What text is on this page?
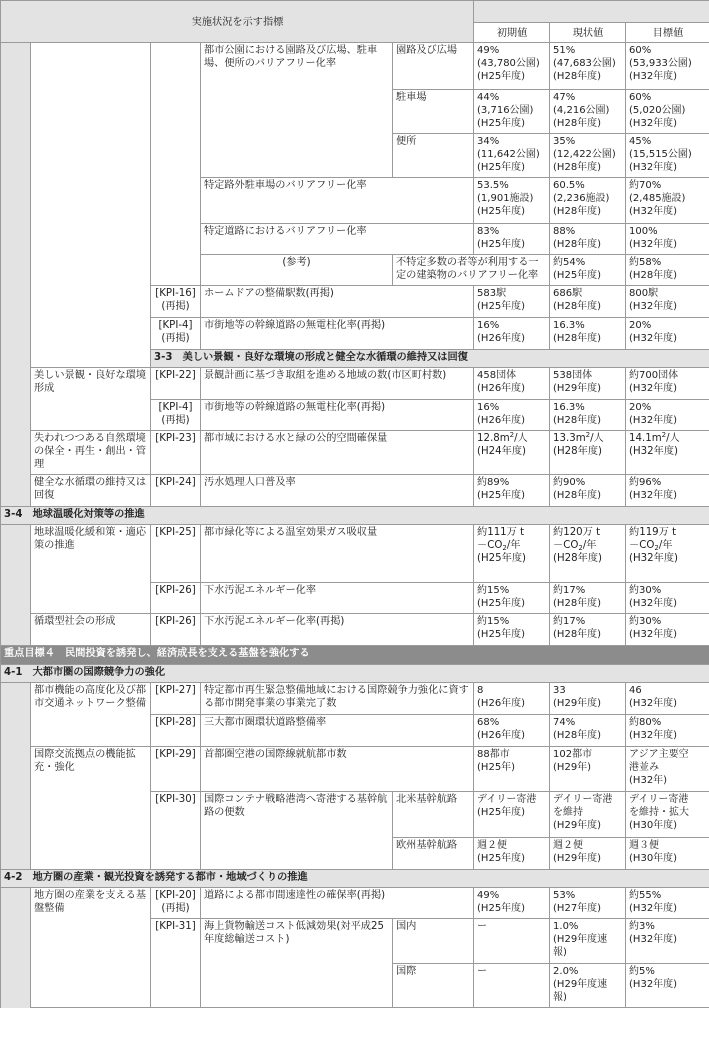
実施状況を示す指標								
					初期値	現状値	目標値	
			都市公園における園路及び広場、駐車場、便所のバリアフリー化率	園路及び広場	49%
(43,780公園)
(H25年度)	51%
(47,683公園)
(H28年度)	60%
(53,933公園)
(H32年度)	
				駐車場	44%
(3,716公園)
(H25年度)	47%
(4,216公園)
(H28年度)	60%
(5,020公園)
(H32年度)	
				便所	34%
(11,642公園)
(H25年度)	35%
(12,422公園)
(H28年度)	45%
(15,515公園)
(H32年度)	
			特定路外駐車場のバリアフリー化率		53.5%
(1,901施設)
(H25年度)	60.5%
(2,236施設)
(H28年度)	約70%
(2,485施設)
(H32年度)	
			特定道路におけるバリアフリー化率		83%
(H25年度)	88%
(H28年度)	100%
(H32年度)	
			(参考)	不特定多数の者等が利用する一定の建築物のバリアフリー化率		約54%
(H25年度)	約58%
(H28年度)	
		[KPI-16]
(再掲)	ホームドアの整備駅数(再掲)		583駅
(H25年度)	686駅
(H28年度)	800駅
(H32年度)	
		[KPI-4]
(再掲)	市街地等の幹線道路の無電柱化率(再掲)		16%
(H26年度)	16.3%
(H28年度)	20%
(H32年度)	
		3-3　美しい景観・良好な環境の形成と健全な水循環の維持又は回復						
	美しい景観・良好な環境形成	[KPI-22]	景観計画に基づき取組を進める地域の数(市区町村数)		458団体
(H26年度)	538団体
(H29年度)	約700団体
(H32年度)	
		[KPI-4]
(再掲)	市街地等の幹線道路の無電柱化率(再掲)		16%
(H26年度)	16.3%
(H28年度)	20%
(H32年度)	
	失われつつある自然環境の保全・再生・創出・管理	[KPI-23]	都市域における水と緑の公的空間確保量		$12.8m^2/$人
(H24年度)	$13.3m^2/$人
(H28年度)	$14.1m^2/$人
(H32年度)	
	健全な水循環の維持又は回復	[KPI-24]	汚水処理人口普及率		約89%
(H25年度)	約90%
(H28年度)	約96%
(H32年度)	
3-4　地球温暖化対策等の推進								
	地球温暖化緩和策・適応策の推進	[KPI-25]	都市緑化等による温室効果ガス吸収量		約111万 t
$-CO_2/$年
(H25年度)	約120万 t
$-CO_2/$年
(H28年度)	約119万 t
$-CO_2/$年
(H32年度)	
		[KPI-26]	下水汚泥エネルギー化率		約15%
(H25年度)	約17%
(H28年度)	約30%
(H32年度)	
	循環型社会の形成	[KPI-26]	下水汚泥エネルギー化率(再掲)		約15%
(H25年度)	約17%
(H28年度)	約30%
(H32年度)	
重点目標４　民間投資を誘発し、経済成長を支える基盤を強化する								
4-1　大都市圏の国際競争力の強化								
	都市機能の高度化及び都市交通ネットワーク整備	[KPI-27]	特定都市再生緊急整備地域における国際競争力強化に資する都市開発事業の事業完了数		8
(H26年度)	33
(H29年度)	46
(H32年度)	
		[KPI-28]	三大都市圏環状道路整備率		68%
(H26年度)	74%
(H28年度)	約80%
(H32年度)	
	国際交流拠点の機能拡充・強化	[KPI-29]	首都圏空港の国際線就航都市数		88都市
(H25年)	102都市
(H29年)	アジア主要空
港並み
(H32年)	
		[KPI-30]	国際コンテナ戦略港湾へ寄港する基幹航路の便数	北米基幹航路	デイリー寄港
(H25年度)	デイリー寄港
を維持
(H29年度)	デイリー寄港
を維持・拡大
(H30年度)	
				欧州基幹航路	週２便
(H25年度)	週２便
(H29年度)	週３便
(H30年度)	
4-2　地方圏の産業・観光投資を誘発する都市・地域づくりの推進								
	地方圏の産業を支える基盤整備	[KPI-20]
(再掲)	道路による都市間速達性の確保率(再掲)		49%
(H25年度)	53%
(H27年度)	約55%
(H32年度)	
		[KPI-31]	海上貨物輸送コスト低減効果(対平成25年度総輸送コスト)	国内	ー	1.0%
(H29年度速
報)	約3%
(H32年度)	
				国際	ー	2.0%
(H29年度速
報)	約5%
(H32年度)	
